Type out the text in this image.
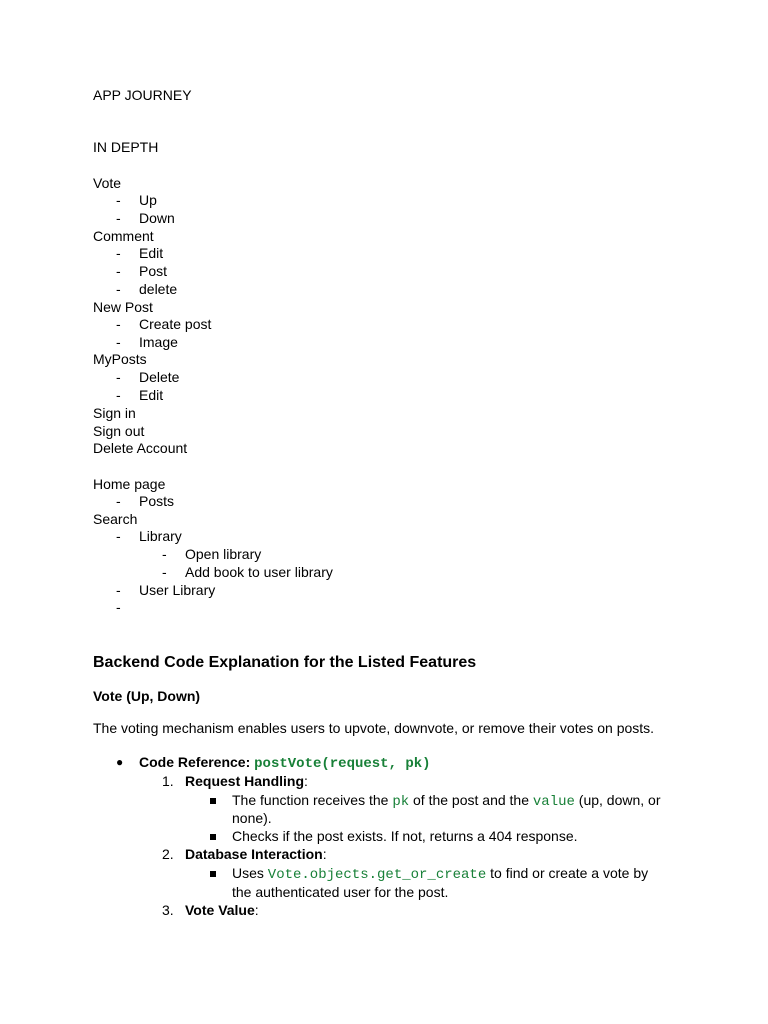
APP JOURNEY
IN DEPTH
Vote
- Up
- Down
Comment
- Edit
- Post
- delete
New Post
- Create post
- Image
MyPosts
- Delete
- Edit
Sign in
Sign out
Delete Account
Home page
- Posts
Search
- Library
- Open library
- Add book to user library
- User Library
-
Backend Code Explanation for the Listed Features
Vote (Up, Down)
The voting mechanism enables users to upvote, downvote, or remove their votes on posts.
● Code Reference: postVote(request, pk)
1. Request Handling:
The function receives the pk of the post and the value (up, down, or
none).
Checks if the post exists. If not, returns a 404 response.
2. Database Interaction:
Uses Vote.objects.get_or_create to find or create a vote by
the authenticated user for the post.
3. Vote Value:
